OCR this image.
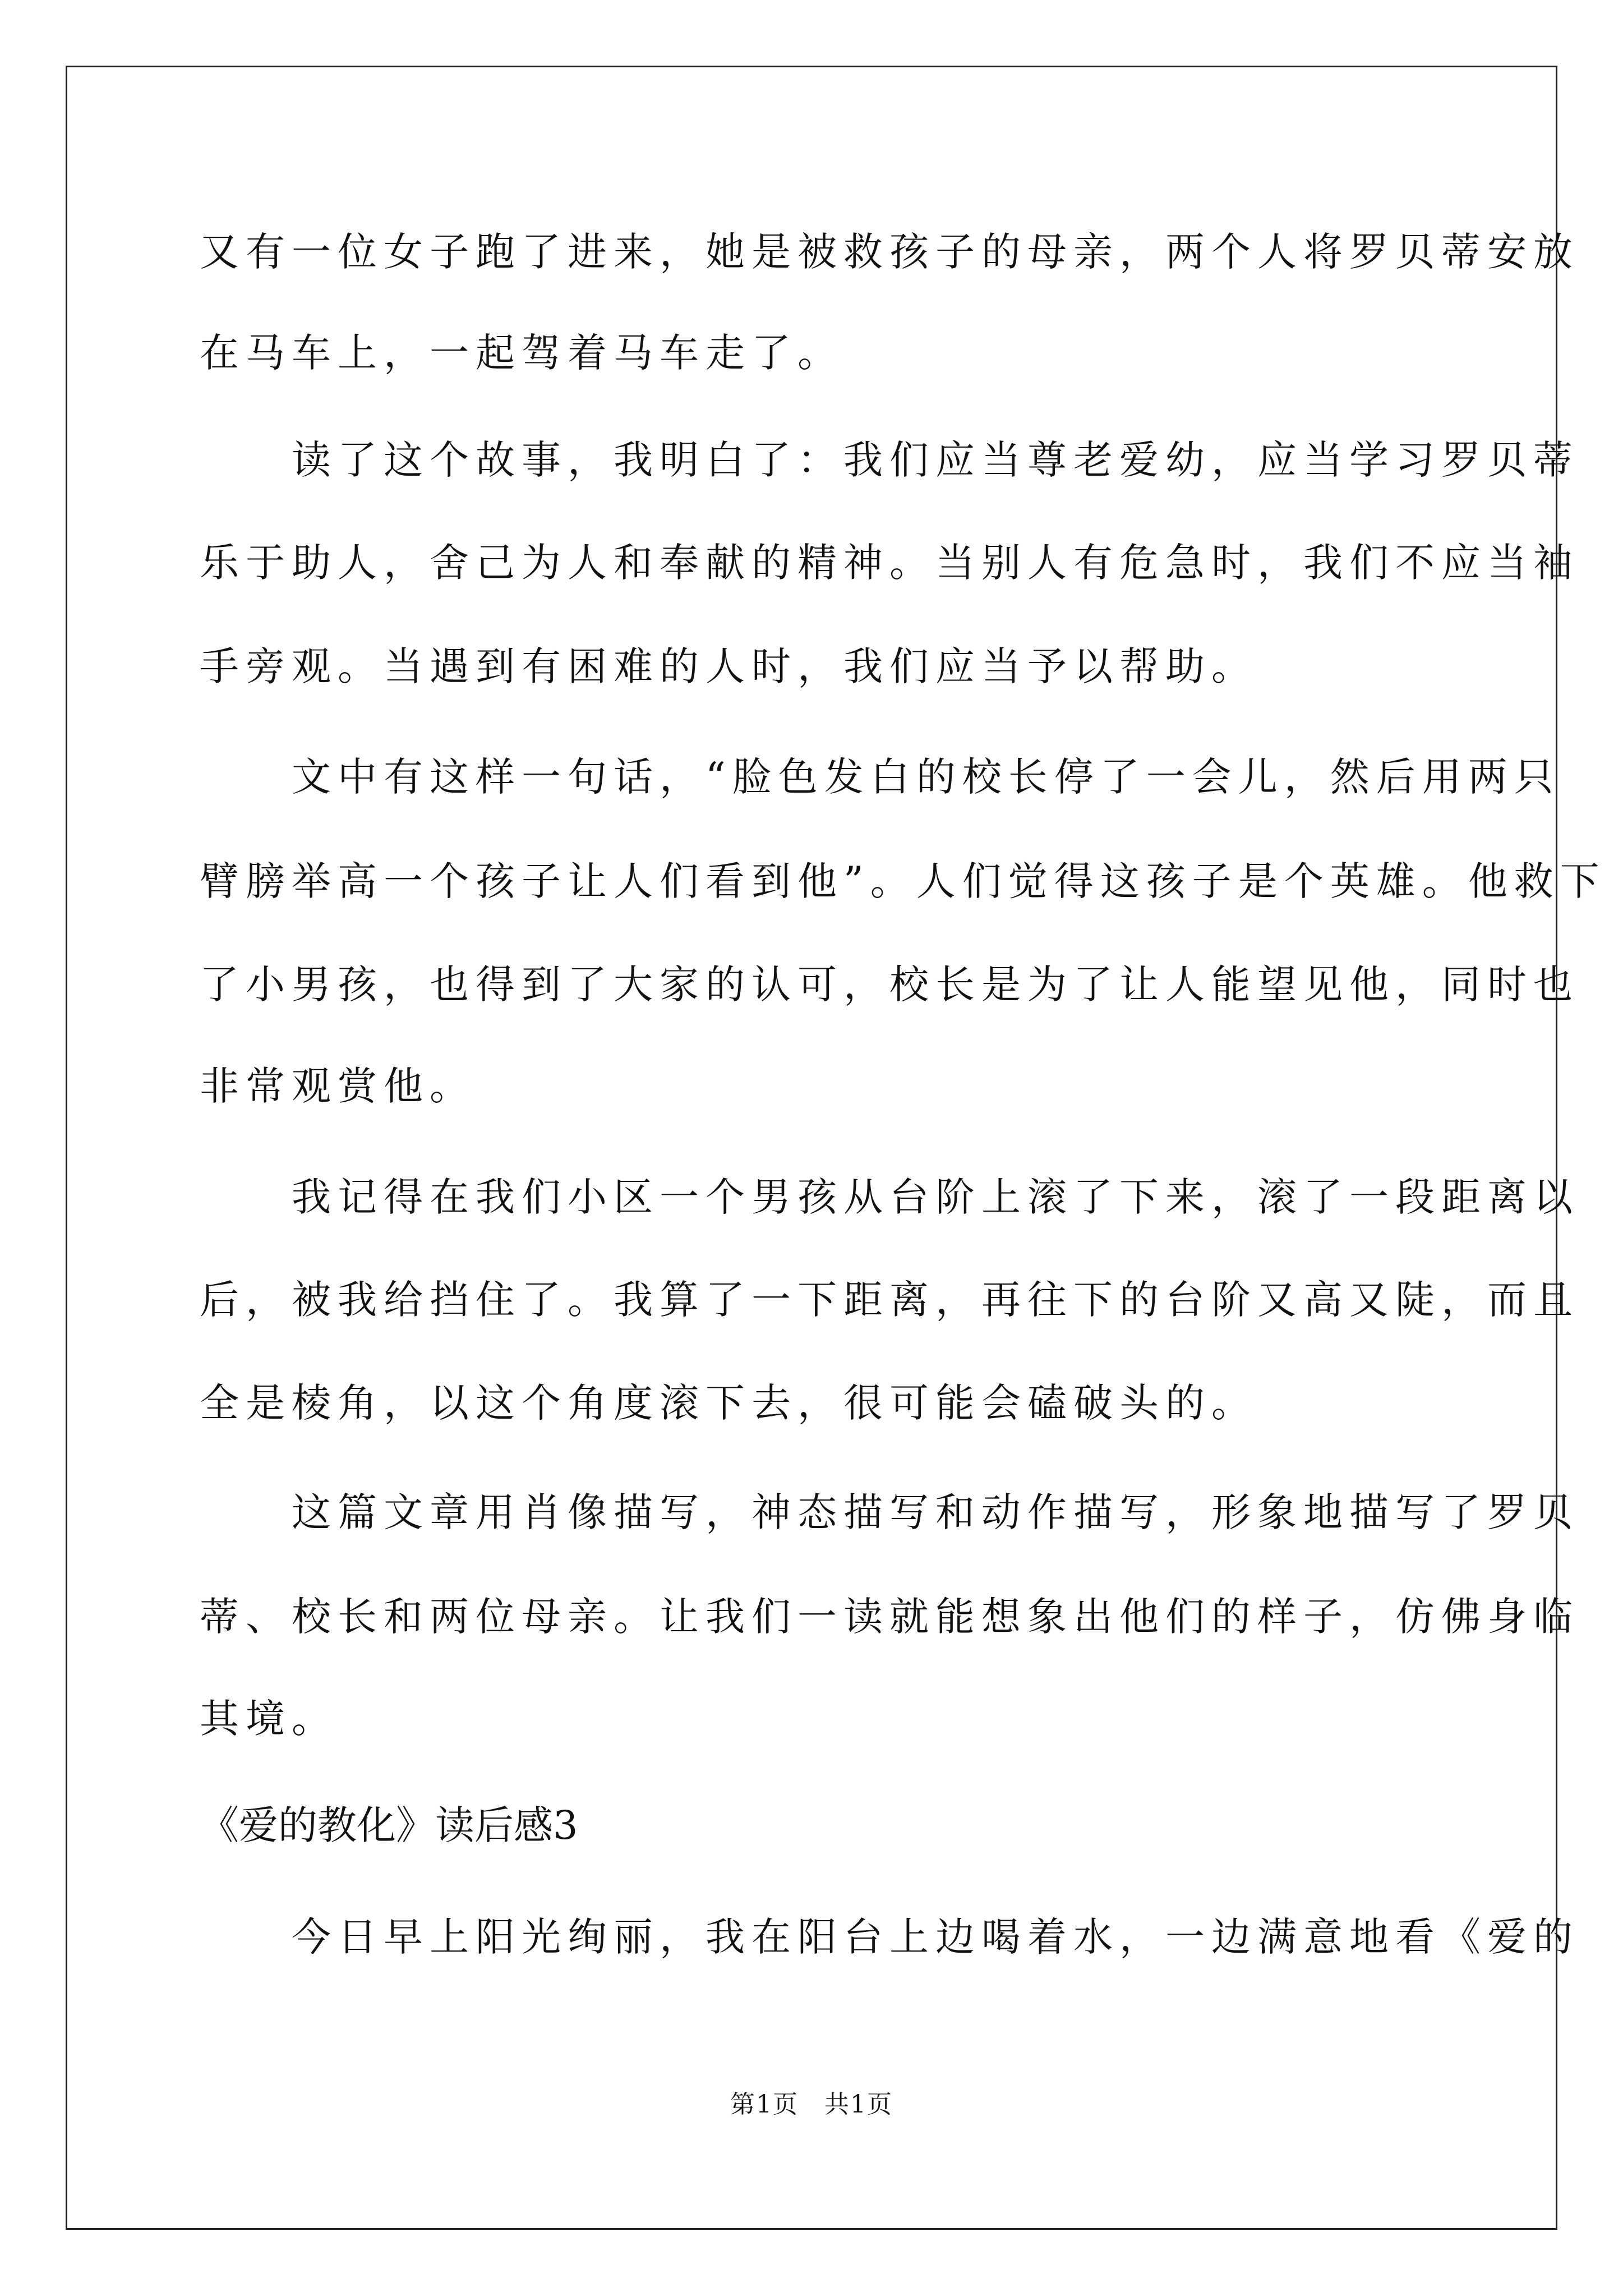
又有一位女子跑了进来，她是被救孩子的母亲，两个人将罗贝蒂安放
在马车上，一起驾着马车走了。
　　读了这个故事，我明白了：我们应当尊老爱幼，应当学习罗贝蒂
乐于助人，舍己为人和奉献的精神。当别人有危急时，我们不应当袖
手旁观。当遇到有困难的人时，我们应当予以帮助。
　　文中有这样一句话，“脸色发白的校长停了一会儿，然后用两只
臂膀举高一个孩子让人们看到他”。人们觉得这孩子是个英雄。他救下
了小男孩，也得到了大家的认可，校长是为了让人能望见他，同时也
非常观赏他。
　　我记得在我们小区一个男孩从台阶上滚了下来，滚了一段距离以
后，被我给挡住了。我算了一下距离，再往下的台阶又高又陡，而且
全是棱角，以这个角度滚下去，很可能会磕破头的。
　　这篇文章用肖像描写，神态描写和动作描写，形象地描写了罗贝
蒂、校长和两位母亲。让我们一读就能想象出他们的样子，仿佛身临
其境。
《爱的教化》读后感3
　　今日早上阳光绚丽，我在阳台上边喝着水，一边满意地看《爱的
第1页　共1页
